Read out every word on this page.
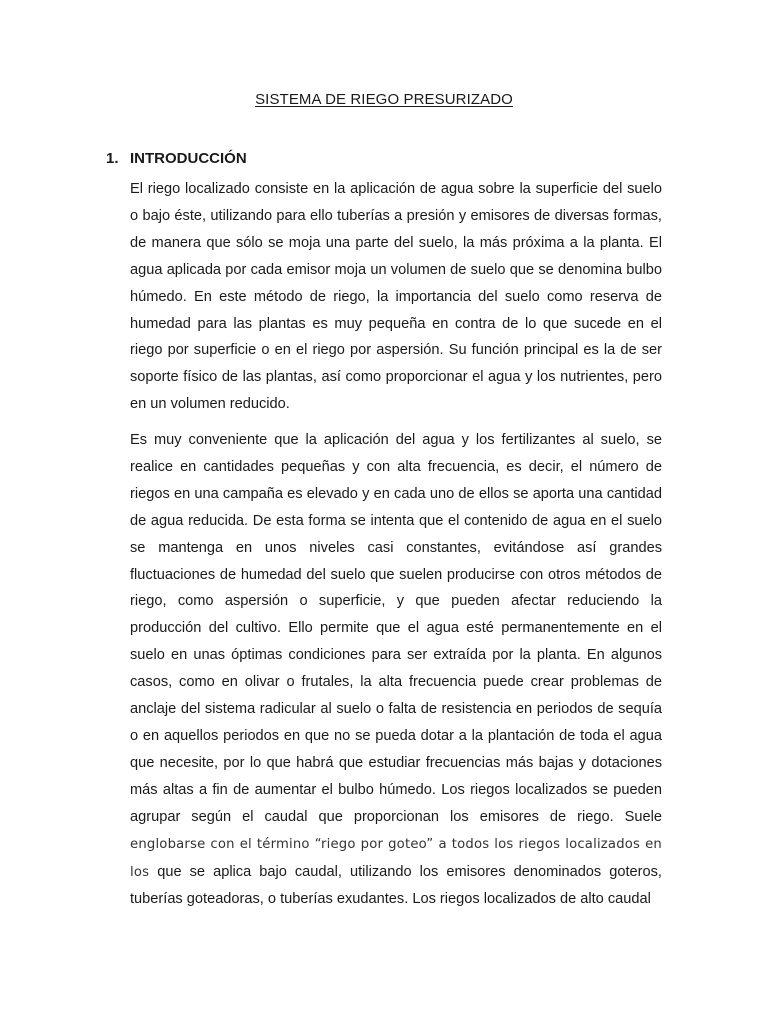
SISTEMA DE RIEGO PRESURIZADO
1. INTRODUCCIÓN

El riego localizado consiste en la aplicación de agua sobre la superficie del suelo o bajo éste, utilizando para ello tuberías a presión y emisores de diversas formas, de manera que sólo se moja una parte del suelo, la más próxima a la planta. El agua aplicada por cada emisor moja un volumen de suelo que se denomina bulbo húmedo. En este método de riego, la importancia del suelo como reserva de humedad para las plantas es muy pequeña en contra de lo que sucede en el riego por superficie o en el riego por aspersión. Su función principal es la de ser soporte físico de las plantas, así como proporcionar el agua y los nutrientes, pero en un volumen reducido.

Es muy conveniente que la aplicación del agua y los fertilizantes al suelo, se realice en cantidades pequeñas y con alta frecuencia, es decir, el número de riegos en una campaña es elevado y en cada uno de ellos se aporta una cantidad de agua reducida. De esta forma se intenta que el contenido de agua en el suelo se mantenga en unos niveles casi constantes, evitándose así grandes fluctuaciones de humedad del suelo que suelen producirse con otros métodos de riego, como aspersión o superficie, y que pueden afectar reduciendo la producción del cultivo. Ello permite que el agua esté permanentemente en el suelo en unas óptimas condiciones para ser extraída por la planta. En algunos casos, como en olivar o frutales, la alta frecuencia puede crear problemas de anclaje del sistema radicular al suelo o falta de resistencia en periodos de sequía o en aquellos periodos en que no se pueda dotar a la plantación de toda el agua que necesite, por lo que habrá que estudiar frecuencias más bajas y dotaciones más altas a fin de aumentar el bulbo húmedo. Los riegos localizados se pueden agrupar según el caudal que proporcionan los emisores de riego. Suele englobarse con el término “riego por goteo” a todos los riegos localizados en los que se aplica bajo caudal, utilizando los emisores denominados goteros, tuberías goteadoras, o tuberías exudantes. Los riegos localizados de alto caudal
